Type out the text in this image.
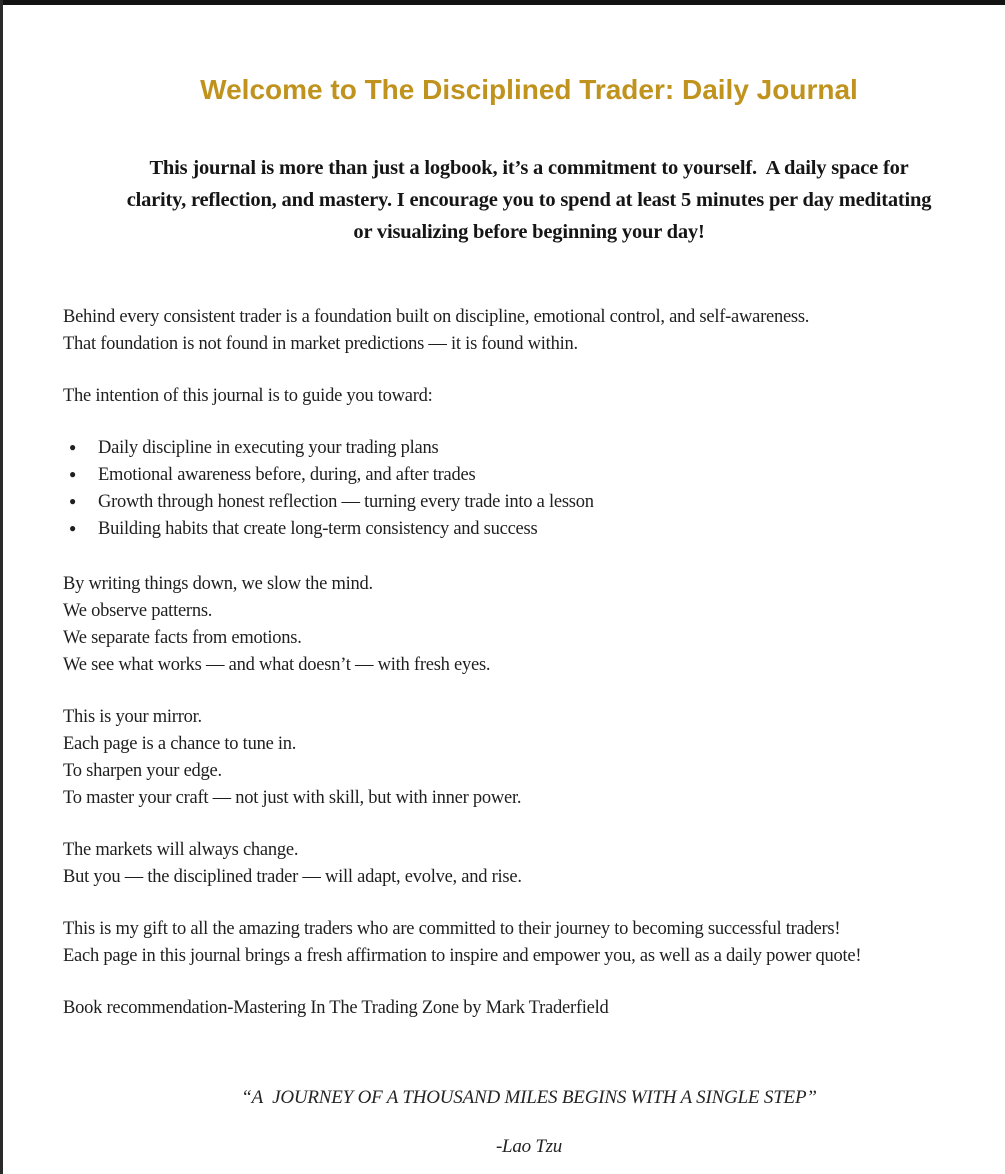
Welcome to The Disciplined Trader: Daily Journal

This journal is more than just a logbook, it’s a commitment to yourself.  A daily space for
clarity, reflection, and mastery. I encourage you to spend at least 5 minutes per day meditating
or visualizing before beginning your day!

Behind every consistent trader is a foundation built on discipline, emotional control, and self-awareness.
That foundation is not found in market predictions — it is found within.

The intention of this journal is to guide you toward:

● Daily discipline in executing your trading plans
● Emotional awareness before, during, and after trades
● Growth through honest reflection — turning every trade into a lesson
● Building habits that create long-term consistency and success

By writing things down, we slow the mind.
We observe patterns.
We separate facts from emotions.
We see what works — and what doesn’t — with fresh eyes.

This is your mirror.
Each page is a chance to tune in.
To sharpen your edge.
To master your craft — not just with skill, but with inner power.

The markets will always change.
But you — the disciplined trader — will adapt, evolve, and rise.

This is my gift to all the amazing traders who are committed to their journey to becoming successful traders!
Each page in this journal brings a fresh affirmation to inspire and empower you, as well as a daily power quote!

Book recommendation-Mastering In The Trading Zone by Mark Traderfield

“A  JOURNEY OF A THOUSAND MILES BEGINS WITH A SINGLE STEP”

-Lao Tzu
